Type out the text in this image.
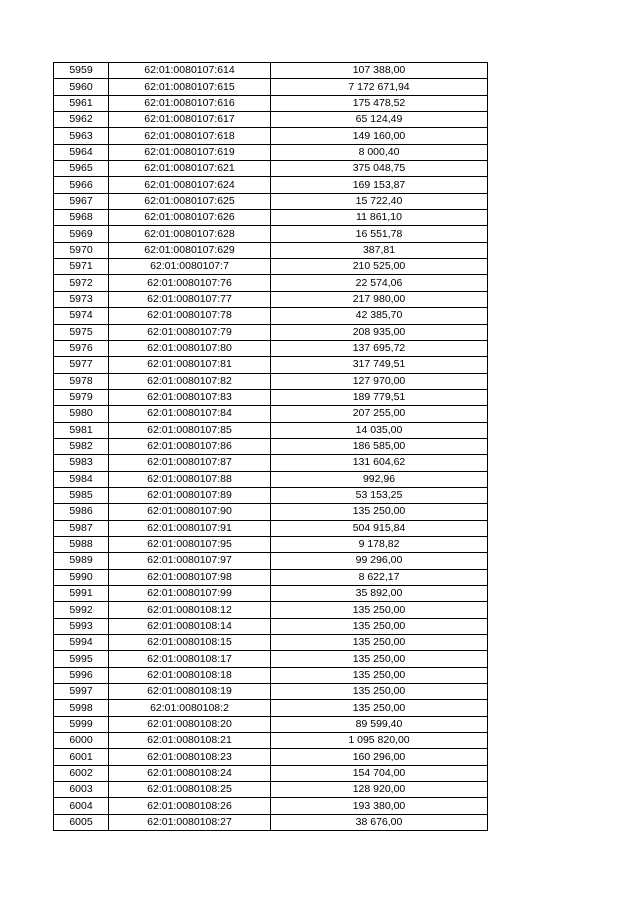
5959	62:01:0080107:614	107 388,00
5960	62:01:0080107:615	7 172 671,94
5961	62:01:0080107:616	175 478,52
5962	62:01:0080107:617	65 124,49
5963	62:01:0080107:618	149 160,00
5964	62:01:0080107:619	8 000,40
5965	62:01:0080107:621	375 048,75
5966	62:01:0080107:624	169 153,87
5967	62:01:0080107:625	15 722,40
5968	62:01:0080107:626	11 861,10
5969	62:01:0080107:628	16 551,78
5970	62:01:0080107:629	387,81
5971	62:01:0080107:7	210 525,00
5972	62:01:0080107:76	22 574,06
5973	62:01:0080107:77	217 980,00
5974	62:01:0080107:78	42 385,70
5975	62:01:0080107:79	208 935,00
5976	62:01:0080107:80	137 695,72
5977	62:01:0080107:81	317 749,51
5978	62:01:0080107:82	127 970,00
5979	62:01:0080107:83	189 779,51
5980	62:01:0080107:84	207 255,00
5981	62:01:0080107:85	14 035,00
5982	62:01:0080107:86	186 585,00
5983	62:01:0080107:87	131 604,62
5984	62:01:0080107:88	992,96
5985	62:01:0080107:89	53 153,25
5986	62:01:0080107:90	135 250,00
5987	62:01:0080107:91	504 915,84
5988	62:01:0080107:95	9 178,82
5989	62:01:0080107:97	99 296,00
5990	62:01:0080107:98	8 622,17
5991	62:01:0080107:99	35 892,00
5992	62:01:0080108:12	135 250,00
5993	62:01:0080108:14	135 250,00
5994	62:01:0080108:15	135 250,00
5995	62:01:0080108:17	135 250,00
5996	62:01:0080108:18	135 250,00
5997	62:01:0080108:19	135 250,00
5998	62:01:0080108:2	135 250,00
5999	62:01:0080108:20	89 599,40
6000	62:01:0080108:21	1 095 820,00
6001	62:01:0080108:23	160 296,00
6002	62:01:0080108:24	154 704,00
6003	62:01:0080108:25	128 920,00
6004	62:01:0080108:26	193 380,00
6005	62:01:0080108:27	38 676,00
